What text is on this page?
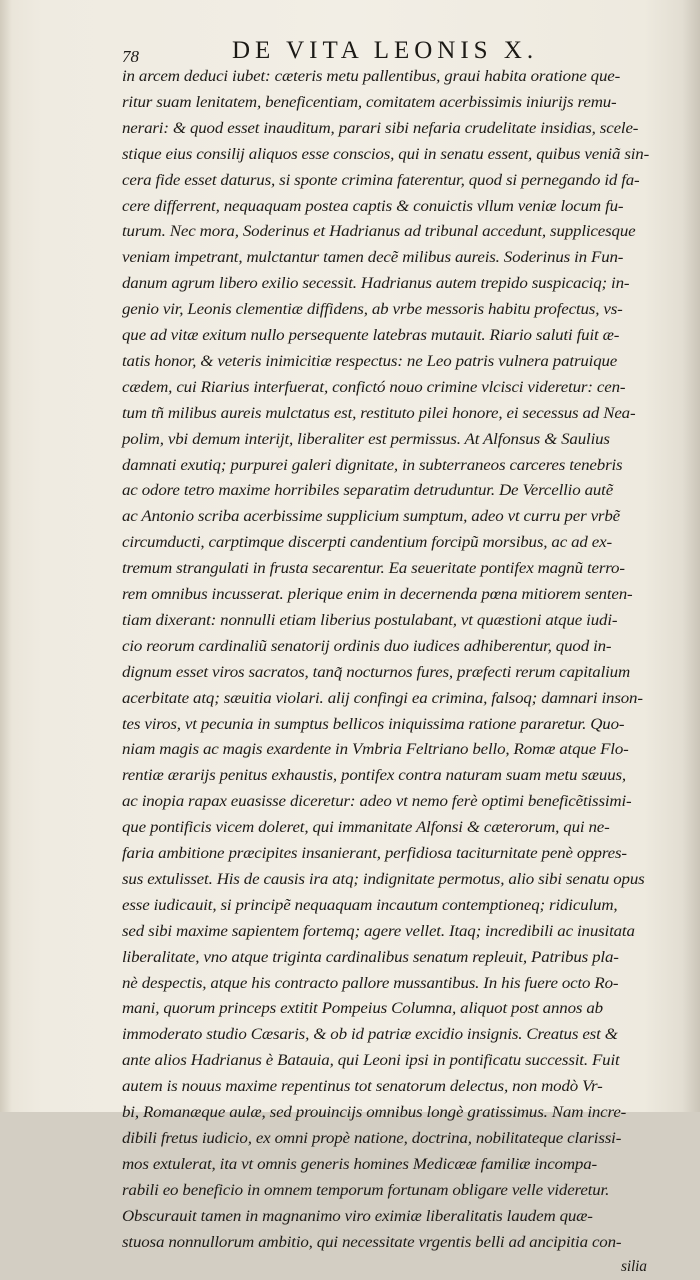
78	DE VITA LEONIS X.
in arcem deduci iubet: cæteris metu pallentibus, graui habita oratione que-
ritur suam lenitatem, beneficentiam, comitatem acerbissimis iniurijs remu-
nerari: & quod esset inauditum, parari sibi nefaria crudelitate insidias, scele-
stique eius consilij aliquos esse conscios, qui in senatu essent, quibus veniã sin-
cera fide esset daturus, si sponte crimina faterentur, quod si pernegando id fa-
cere differrent, nequaquam postea captis & conuictis vllum veniæ locum fu-
turum. Nec mora, Soderinus et Hadrianus ad tribunal accedunt, supplicesque
veniam impetrant, mulctantur tamen decẽ milibus aureis. Soderinus in Fun-
danum agrum libero exilio secessit. Hadrianus autem trepido suspicaciq; in-
genio vir, Leonis clementiæ diffidens, ab vrbe messoris habitu profectus, vs-
que ad vitæ exitum nullo persequente latebras mutauit. Riario saluti fuit æ-
tatis honor, & veteris inimicitiæ respectus: ne Leo patris vulnera patruique
cædem, cui Riarius interfuerat, confictó nouo crimine vlcisci videretur: cen-
tum tñ milibus aureis mulctatus est, restituto pilei honore, ei secessus ad Nea-
polim, vbi demum interijt, liberaliter est permissus. At Alfonsus & Saulius
damnati exutiq; purpurei galeri dignitate, in subterraneos carceres tenebris
ac odore tetro maxime horribiles separatim detruduntur. De Vercellio autẽ
ac Antonio scriba acerbissime supplicium sumptum, adeo vt curru per vrbẽ
circumducti, carptimque discerpti candentium forcipũ morsibus, ac ad ex-
tremum strangulati in frusta secarentur. Ea seueritate pontifex magnũ terro-
rem omnibus incusserat. plerique enim in decernenda pœna mitiorem senten-
tiam dixerant: nonnulli etiam liberius postulabant, vt quæstioni atque iudi-
cio reorum cardinaliũ senatorij ordinis duo iudices adhiberentur, quod in-
dignum esset viros sacratos, tanq̃ nocturnos fures, præfecti rerum capitalium
acerbitate atq; sæuitia violari. alij confingi ea crimina, falsoq; damnari inson-
tes viros, vt pecunia in sumptus bellicos iniquissima ratione pararetur. Quo-
niam magis ac magis exardente in Vmbria Feltriano bello, Romæ atque Flo-
rentiæ ærarijs penitus exhaustis, pontifex contra naturam suam metu sæuus,
ac inopia rapax euasisse diceretur: adeo vt nemo ferè optimi beneficẽtissimi-
que pontificis vicem doleret, qui immanitate Alfonsi & cæterorum, qui ne-
faria ambitione præcipites insanierant, perfidiosa taciturnitate penè oppres-
sus extulisset. His de causis ira atq; indignitate permotus, alio sibi senatu opus
esse iudicauit, si principẽ nequaquam incautum contemptioneq; ridiculum,
sed sibi maxime sapientem fortemq; agere vellet. Itaq; incredibili ac inusitata
liberalitate, vno atque triginta cardinalibus senatum repleuit, Patribus pla-
nè despectis, atque his contracto pallore mussantibus. In his fuere octo Ro-
mani, quorum princeps extitit Pompeius Columna, aliquot post annos ab
immoderato studio Cæsaris, & ob id patriæ excidio insignis. Creatus est &
ante alios Hadrianus è Batauia, qui Leoni ipsi in pontificatu successit. Fuit
autem is nouus maxime repentinus tot senatorum delectus, non modò Vr-
bi, Romanæque aulæ, sed prouincijs omnibus longè gratissimus. Nam incre-
dibili fretus iudicio, ex omni propè natione, doctrina, nobilitateque clarissi-
mos extulerat, ita vt omnis generis homines Medicææ familiæ incompa-
rabili eo beneficio in omnem temporum fortunam obligare velle videretur.
Obscurauit tamen in magnanimo viro eximiæ liberalitatis laudem quæ-
stuosa nonnullorum ambitio, qui necessitate vrgentis belli ad ancipitia con-
silia
